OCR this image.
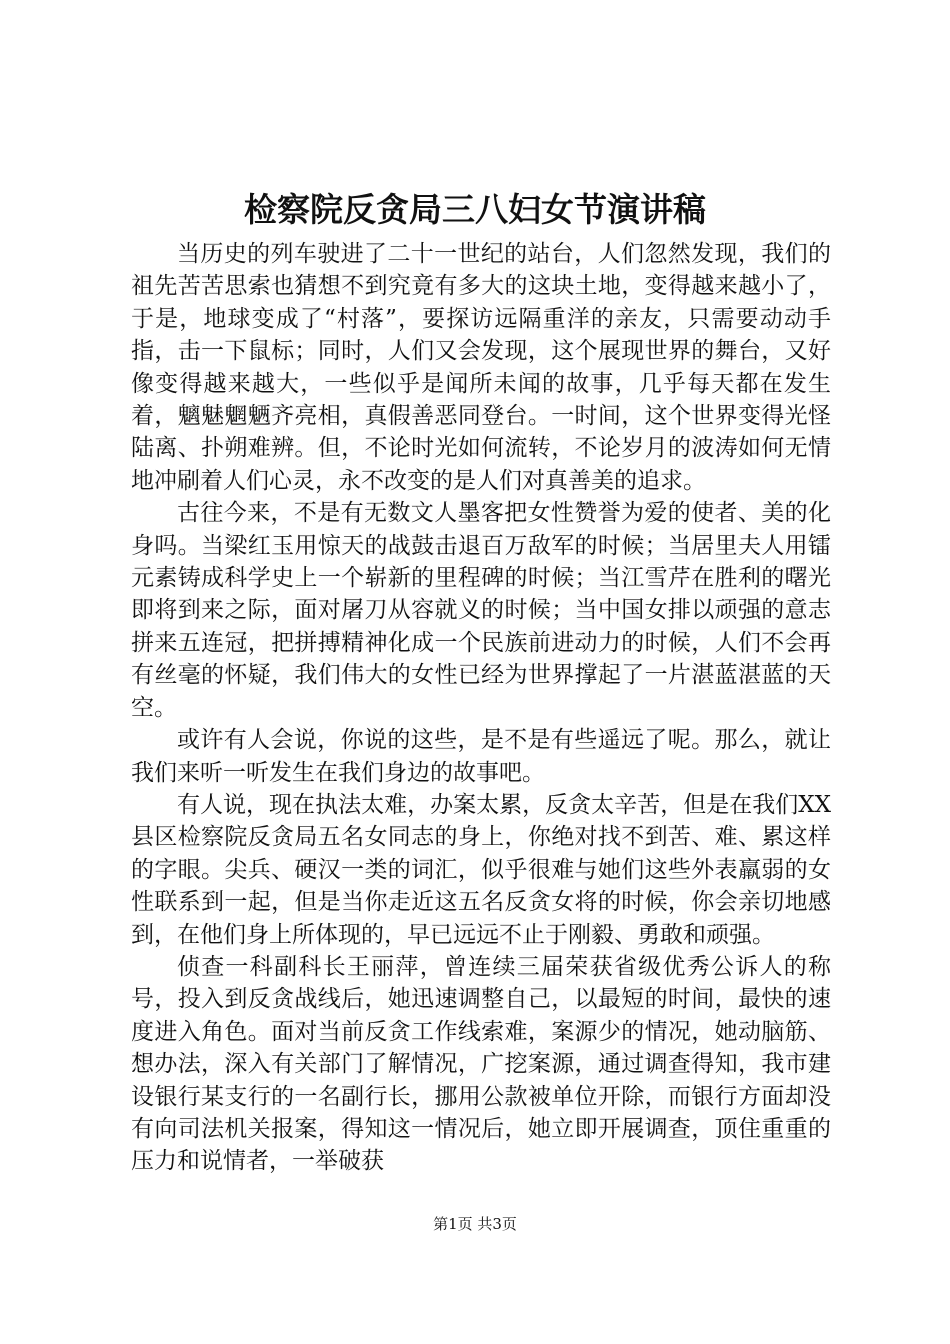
检察院反贪局三八妇女节演讲稿

当历史的列车驶进了二十一世纪的站台，人们忽然发现，我们的祖先苦苦思索也猜想不到究竟有多大的这块土地，变得越来越小了，于是，地球变成了“村落”，要探访远隔重洋的亲友，只需要动动手指，击一下鼠标；同时，人们又会发现，这个展现世界的舞台，又好像变得越来越大，一些似乎是闻所未闻的故事，几乎每天都在发生着，魑魅魍魉齐亮相，真假善恶同登台。一时间，这个世界变得光怪陆离、扑朔难辨。但，不论时光如何流转，不论岁月的波涛如何无情地冲刷着人们心灵，永不改变的是人们对真善美的追求。

古往今来，不是有无数文人墨客把女性赞誉为爱的使者、美的化身吗。当梁红玉用惊天的战鼓击退百万敌军的时候；当居里夫人用镭元素铸成科学史上一个崭新的里程碑的时候；当江雪芹在胜利的曙光即将到来之际，面对屠刀从容就义的时候；当中国女排以顽强的意志拼来五连冠，把拼搏精神化成一个民族前进动力的时候，人们不会再有丝毫的怀疑，我们伟大的女性已经为世界撑起了一片湛蓝湛蓝的天空。

或许有人会说，你说的这些，是不是有些遥远了呢。那么，就让我们来听一听发生在我们身边的故事吧。

有人说，现在执法太难，办案太累，反贪太辛苦，但是在我们XX县区检察院反贪局五名女同志的身上，你绝对找不到苦、难、累这样的字眼。尖兵、硬汉一类的词汇，似乎很难与她们这些外表羸弱的女性联系到一起，但是当你走近这五名反贪女将的时候，你会亲切地感到，在他们身上所体现的，早已远远不止于刚毅、勇敢和顽强。

侦查一科副科长王丽萍，曾连续三届荣获省级优秀公诉人的称号，投入到反贪战线后，她迅速调整自己，以最短的时间，最快的速度进入角色。面对当前反贪工作线索难，案源少的情况，她动脑筋、想办法，深入有关部门了解情况，广挖案源，通过调查得知，我市建设银行某支行的一名副行长，挪用公款被单位开除，而银行方面却没有向司法机关报案，得知这一情况后，她立即开展调查，顶住重重的压力和说情者，一举破获

第1页 共3页
